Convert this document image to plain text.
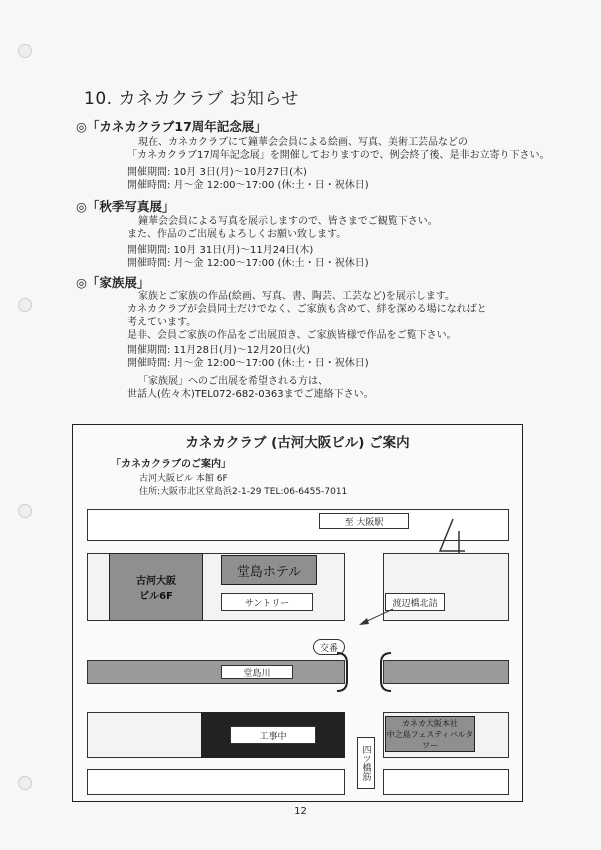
10. カネカクラブ お知らせ
◎「カネカクラブ17周年記念展」
現在、カネカクラブにて鐘華会会員による絵画、写真、美術工芸品などの
「カネカクラブ17周年記念展」を開催しておりますので、例会終了後、是非お立寄り下さい。
開催期間: 10月 3日(月)〜10月27日(木)
開催時間: 月〜金 12:00〜17:00 (休:土・日・祝休日)
◎「秋季写真展」
鐘華会会員による写真を展示しますので、皆さまでご観覧下さい。
また、作品のご出展もよろしくお願い致します。
開催期間: 10月 31日(月)〜11月24日(木)
開催時間: 月〜金 12:00〜17:00 (休:土・日・祝休日)
◎「家族展」
家族とご家族の作品(絵画、写真、書、陶芸、工芸など)を展示します。
カネカクラブが会員同士だけでなく、ご家族も含めて、絆を深める場になればと
考えています。
是非、会員ご家族の作品をご出展頂き、ご家族皆様で作品をご覧下さい。
開催期間: 11月28日(月)〜12月20日(火)
開催時間: 月〜金 12:00〜17:00 (休:土・日・祝休日)
「家族展」へのご出展を希望される方は、
世話人(佐々木)TEL072-682-0363までご連絡下さい。
カネカクラブ (古河大阪ビル) ご案内
「カネカクラブのご案内」
古河大阪ビル 本館 6F
住所:大阪市北区堂島浜2-1-29 TEL:06-6455-7011
至 大阪駅
古河大阪
ビル6F
堂島ホテル
サントリー	渡辺橋北詰
交番
堂島川
工事中
カネカ大阪本社
中之島フェスティバルタワー
四ツ橋筋
12
